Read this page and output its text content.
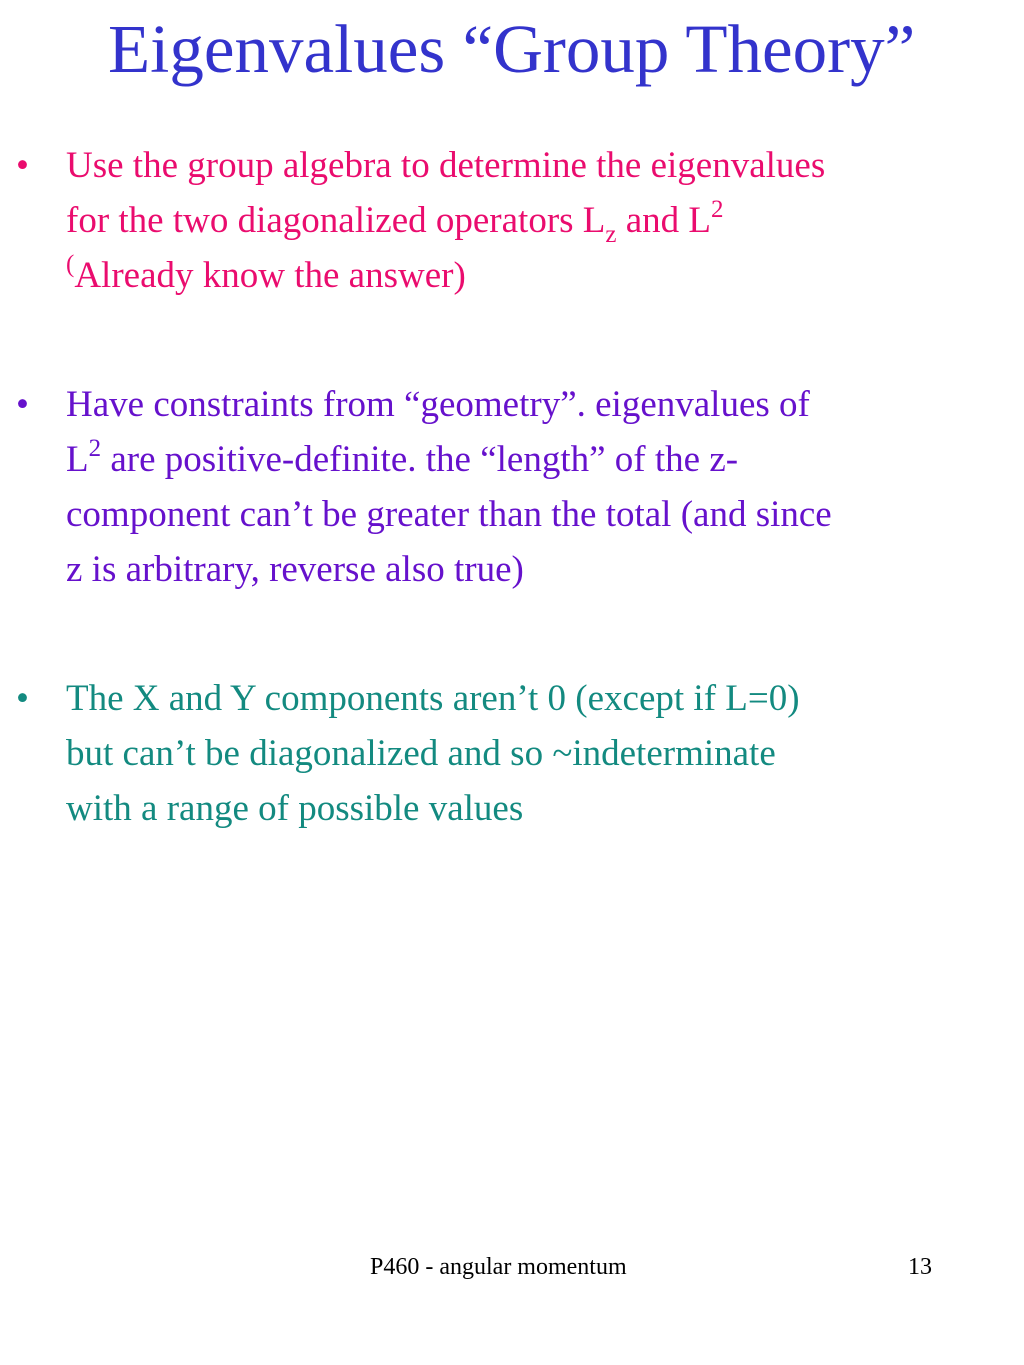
Eigenvalues “Group Theory”
• Use the group algebra to determine the eigenvalues
for the two diagonalized operators $L_z$ and $L^2$
(Already know the answer)
• Have constraints from “geometry”. eigenvalues of
$L^2$ are positive-definite. the “length” of the z-
component can’t be greater than the total (and since
z is arbitrary, reverse also true)
• The X and Y components aren’t 0 (except if L=0)
but can’t be diagonalized and so ~indeterminate
with a range of possible values
P460 - angular momentum	13
